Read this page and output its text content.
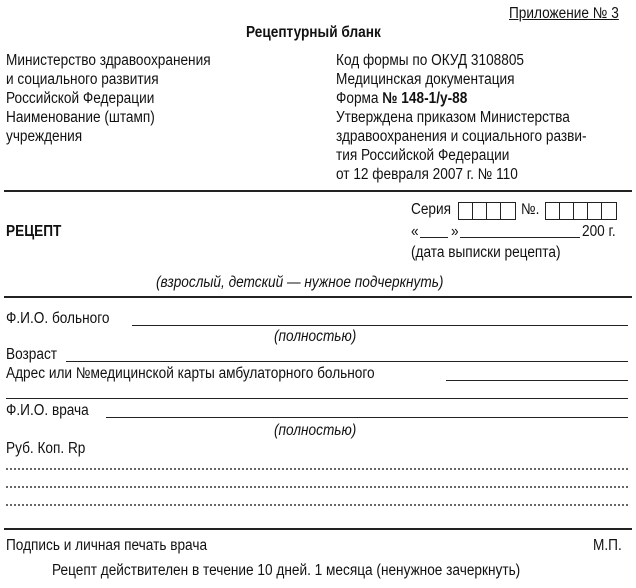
Приложение № 3
Рецептурный бланк
Министерство здравоохранения
и социального развития
Российской Федерации
Наименование (штамп)
учреждения
Код формы по ОКУД 3108805
Медицинская документация
Форма № 148-1/у-88
Утверждена приказом Министерства
здравоохранения и социального разви-
тия Российской Федерации
от 12 февраля 2007 г. № 110
РЕЦЕПТ
Серия	№.
« »	200 г.
(дата выписки рецепта)
(взрослый, детский — нужное подчеркнуть)
Ф.И.О. больного
(полностью)
Возраст
Адрес или №медицинской карты амбулаторного больного
Ф.И.О. врача
(полностью)
Руб. Коп. Rp
Подпись и личная печать врача	М.П.
Рецепт действителен в течение 10 дней. 1 месяца (ненужное зачеркнуть)
